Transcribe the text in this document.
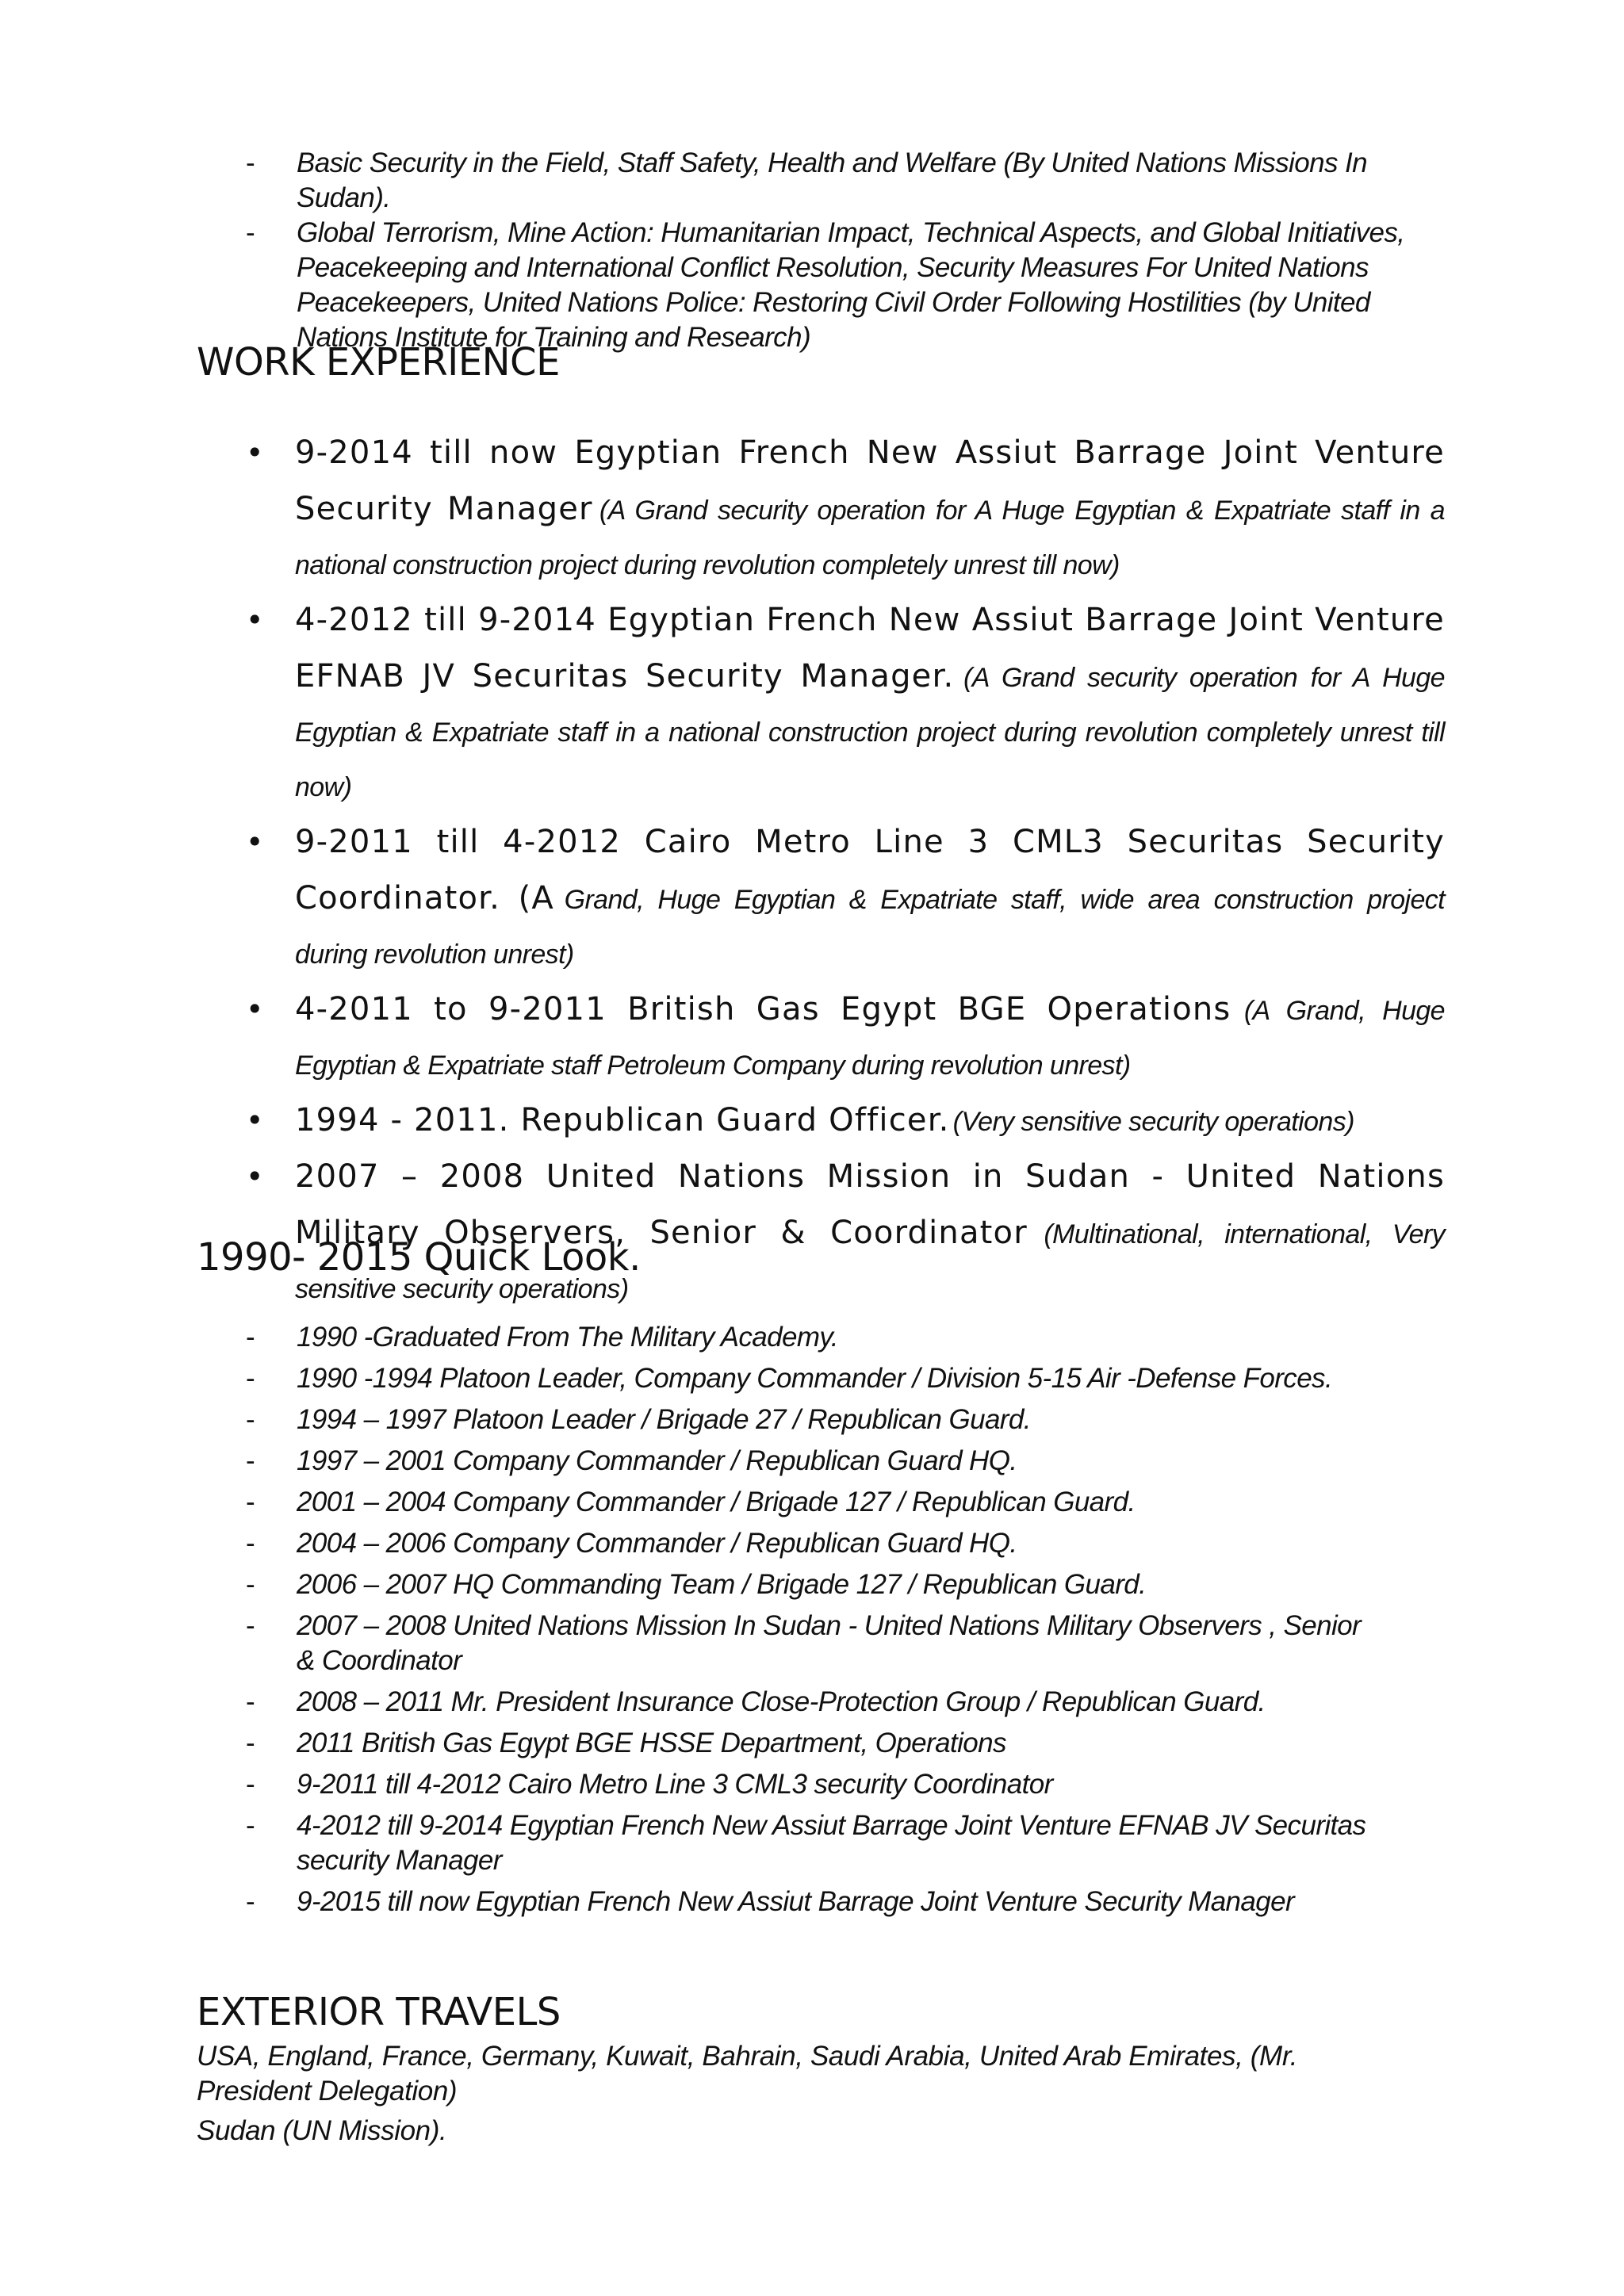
- Basic Security in the Field, Staff Safety, Health and Welfare (By United Nations Missions In Sudan).
- Global Terrorism, Mine Action: Humanitarian Impact, Technical Aspects, and Global Initiatives, Peacekeeping and International Conflict Resolution, Security Measures For United Nations Peacekeepers, United Nations Police: Restoring Civil Order Following Hostilities (by United Nations Institute for Training and Research)
WORK EXPERIENCE

• 9-2014 till now Egyptian French New Assiut Barrage Joint Venture Security Manager (A Grand security operation for A Huge Egyptian & Expatriate staff in a national construction project during revolution completely unrest till now)

• 4-2012 till 9-2014 Egyptian French New Assiut Barrage Joint Venture EFNAB JV Securitas Security Manager. (A Grand security operation for A Huge Egyptian & Expatriate staff in a national construction project during revolution completely unrest till now)

• 9-2011 till 4-2012 Cairo Metro Line 3 CML3 Securitas Security Coordinator. (A Grand, Huge Egyptian & Expatriate staff, wide area construction project during revolution unrest)

• 4-2011 to 9-2011 British Gas Egypt BGE Operations (A Grand, Huge Egyptian & Expatriate staff Petroleum Company during revolution unrest)

• 1994 - 2011. Republican Guard Officer. (Very sensitive security operations)

• 2007 – 2008 United Nations Mission in Sudan - United Nations Military Observers, Senior & Coordinator (Multinational, international, Very sensitive security operations)

1990- 2015 Quick Look.
- 1990 -Graduated From The Military Academy.
- 1990 -1994 Platoon Leader, Company Commander / Division 5-15 Air -Defense Forces.
- 1994 – 1997 Platoon Leader / Brigade 27 / Republican Guard.
- 1997 – 2001 Company Commander / Republican Guard HQ.
- 2001 – 2004 Company Commander / Brigade 127 / Republican Guard.
- 2004 – 2006 Company Commander / Republican Guard HQ.
- 2006 – 2007 HQ Commanding Team / Brigade 127 / Republican Guard.
- 2007 – 2008 United Nations Mission In Sudan - United Nations Military Observers , Senior & Coordinator
- 2008 – 2011 Mr. President Insurance Close-Protection Group / Republican Guard.
- 2011 British Gas Egypt BGE HSSE Department, Operations
- 9-2011 till 4-2012 Cairo Metro Line 3 CML3 security Coordinator
- 4-2012 till 9-2014 Egyptian French New Assiut Barrage Joint Venture EFNAB JV Securitas security Manager
- 9-2015 till now Egyptian French New Assiut Barrage Joint Venture Security Manager
EXTERIOR TRAVELS

USA, England, France, Germany, Kuwait, Bahrain, Saudi Arabia, United Arab Emirates, (Mr. President Delegation)

Sudan (UN Mission).
